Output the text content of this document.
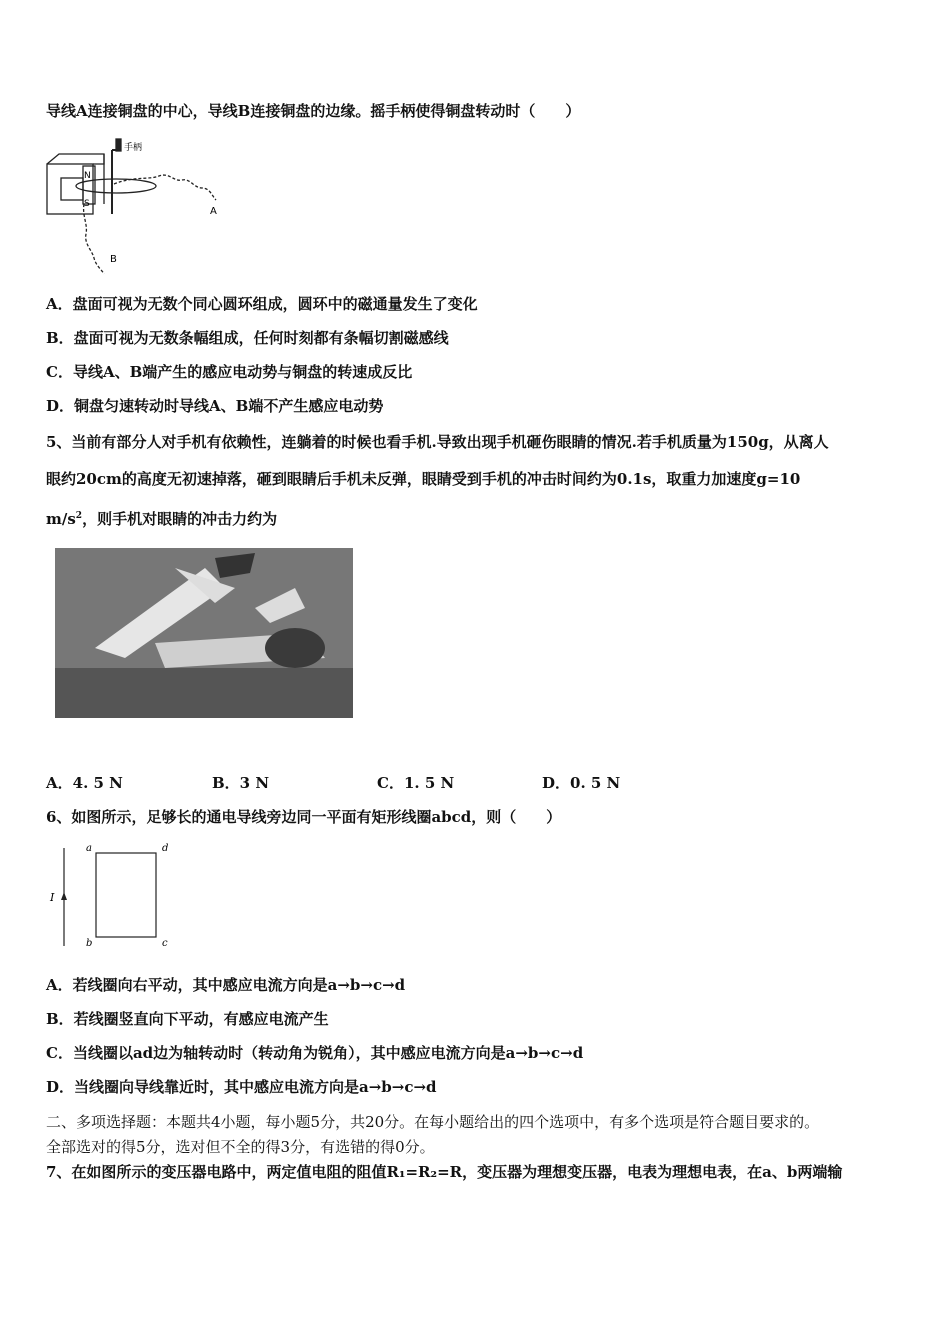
导线A连接铜盘的中心，导线B连接铜盘的边缘。摇手柄使得铜盘转动时（　　）
手柄
N
S
A
B
A．盘面可视为无数个同心圆环组成，圆环中的磁通量发生了变化
B．盘面可视为无数条幅组成，任何时刻都有条幅切割磁感线
C．导线A、B端产生的感应电动势与铜盘的转速成反比
D．铜盘匀速转动时导线A、B端不产生感应电动势
5、当前有部分人对手机有依赖性，连躺着的时候也看手机.导致出现手机砸伤眼睛的情况.若手机质量为150g，从离人
眼约20cm的高度无初速掉落，砸到眼睛后手机未反弹，眼睛受到手机的冲击时间约为0.1s，取重力加速度g=10
$m/s^2$，则手机对眼睛的冲击力约为
A．4. 5 N	B．3 N	C．1. 5 N	D．0. 5 N
6、如图所示，足够长的通电导线旁边同一平面有矩形线圈abcd，则（　　）
I
a
b	c
d
A．若线圈向右平动，其中感应电流方向是a→b→c→d
B．若线圈竖直向下平动，有感应电流产生
C．当线圈以ad边为轴转动时（转动角为锐角），其中感应电流方向是a→b→c→d
D．当线圈向导线靠近时，其中感应电流方向是a→b→c→d
二、多项选择题：本题共4小题，每小题5分，共20分。在每小题给出的四个选项中，有多个选项是符合题目要求的。
全部选对的得5分，选对但不全的得3分，有选错的得0分。
7、在如图所示的变压器电路中，两定值电阻的阻值R₁=R₂=R，变压器为理想变压器，电表为理想电表，在a、b两端输
